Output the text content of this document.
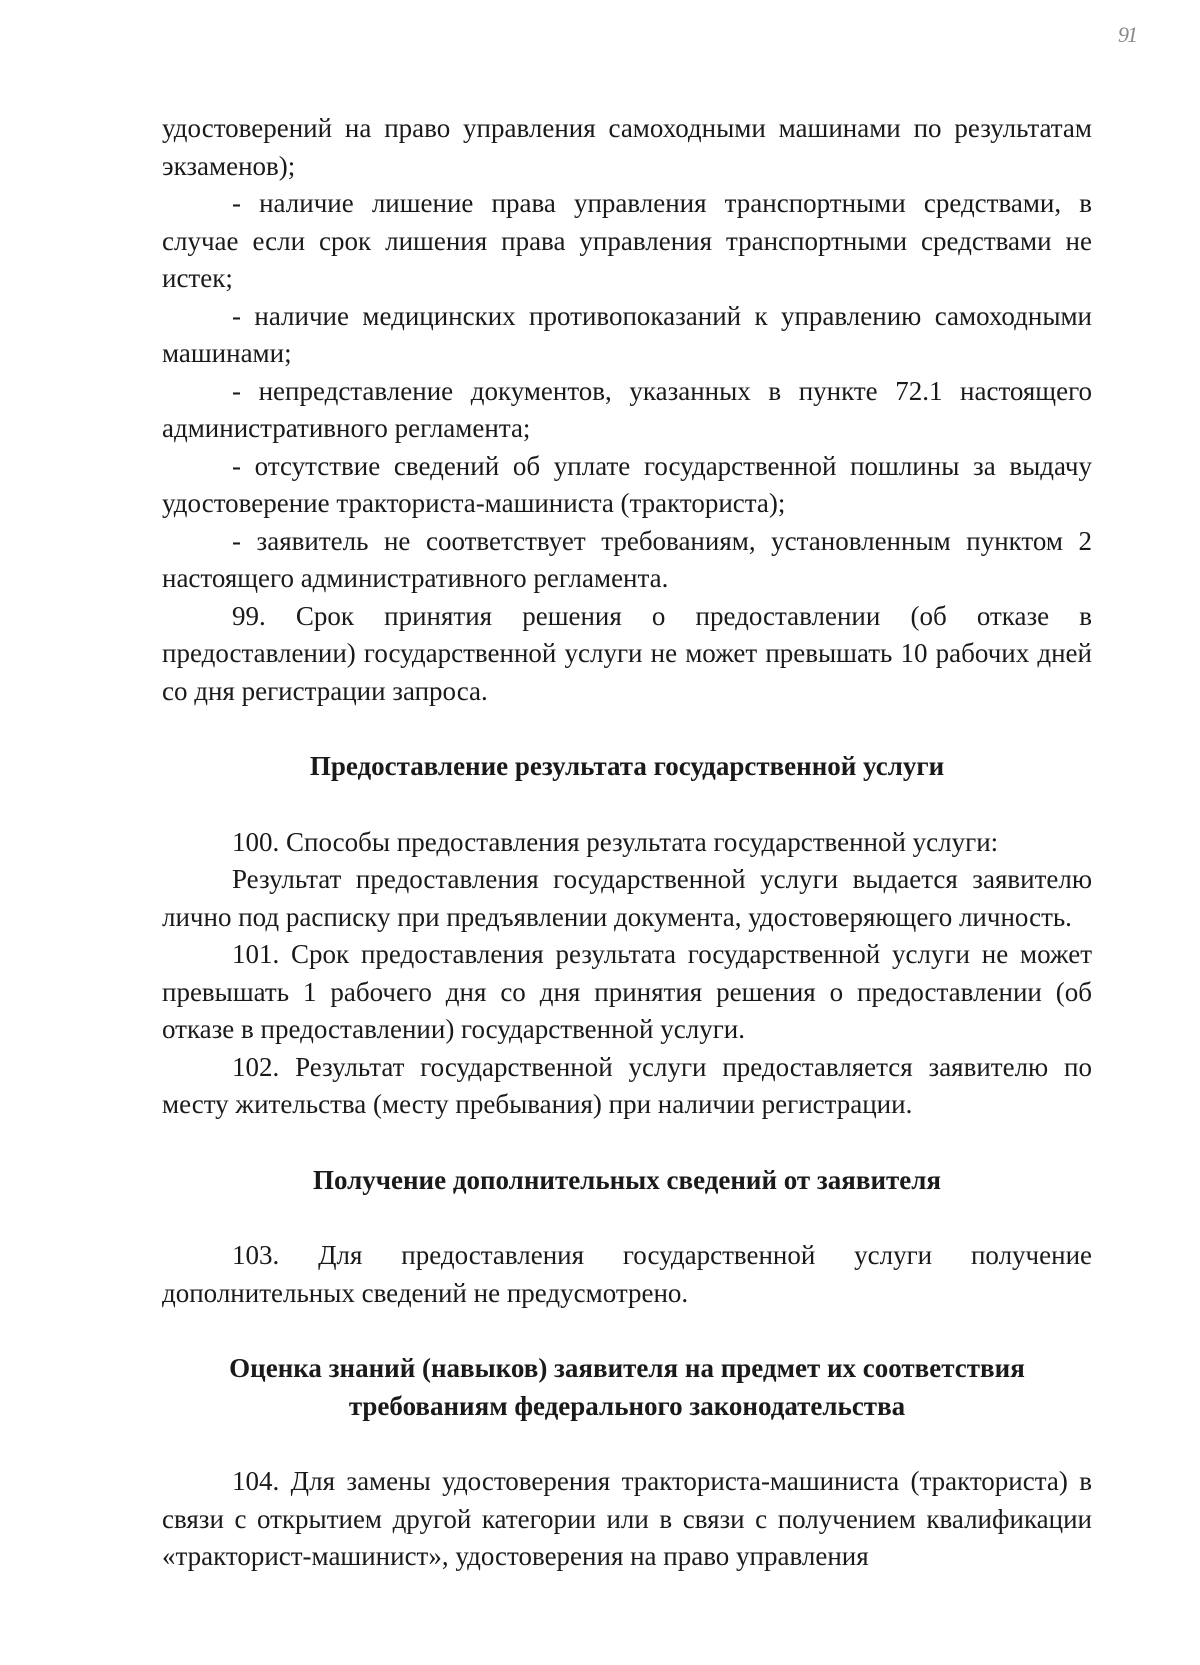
91

удостоверений на право управления самоходными машинами по результатам экзаменов);

- наличие лишение права управления транспортными средствами, в случае если срок лишения права управления транспортными средствами не истек;

- наличие медицинских противопоказаний к управлению самоходными машинами;

- непредставление документов, указанных в пункте 72.1 настоящего административного регламента;

- отсутствие сведений об уплате государственной пошлины за выдачу удостоверение тракториста-машиниста (тракториста);

- заявитель не соответствует требованиям, установленным пунктом 2 настоящего административного регламента.

99. Срок принятия решения о предоставлении (об отказе в предоставлении) государственной услуги не может превышать 10 рабочих дней со дня регистрации запроса.

Предоставление результата государственной услуги

100. Способы предоставления результата государственной услуги:

Результат предоставления государственной услуги выдается заявителю лично под расписку при предъявлении документа, удостоверяющего личность.

101. Срок предоставления результата государственной услуги не может превышать 1 рабочего дня со дня принятия решения о предоставлении (об отказе в предоставлении) государственной услуги.

102. Результат государственной услуги предоставляется заявителю по месту жительства (месту пребывания) при наличии регистрации.

Получение дополнительных сведений от заявителя

103. Для предоставления государственной услуги получение дополнительных сведений не предусмотрено.

Оценка знаний (навыков) заявителя на предмет их соответствия
требованиям федерального законодательства

104. Для замены удостоверения тракториста-машиниста (тракториста) в связи с открытием другой категории или в связи с получением квалификации «тракторист-машинист», удостоверения на право управления
